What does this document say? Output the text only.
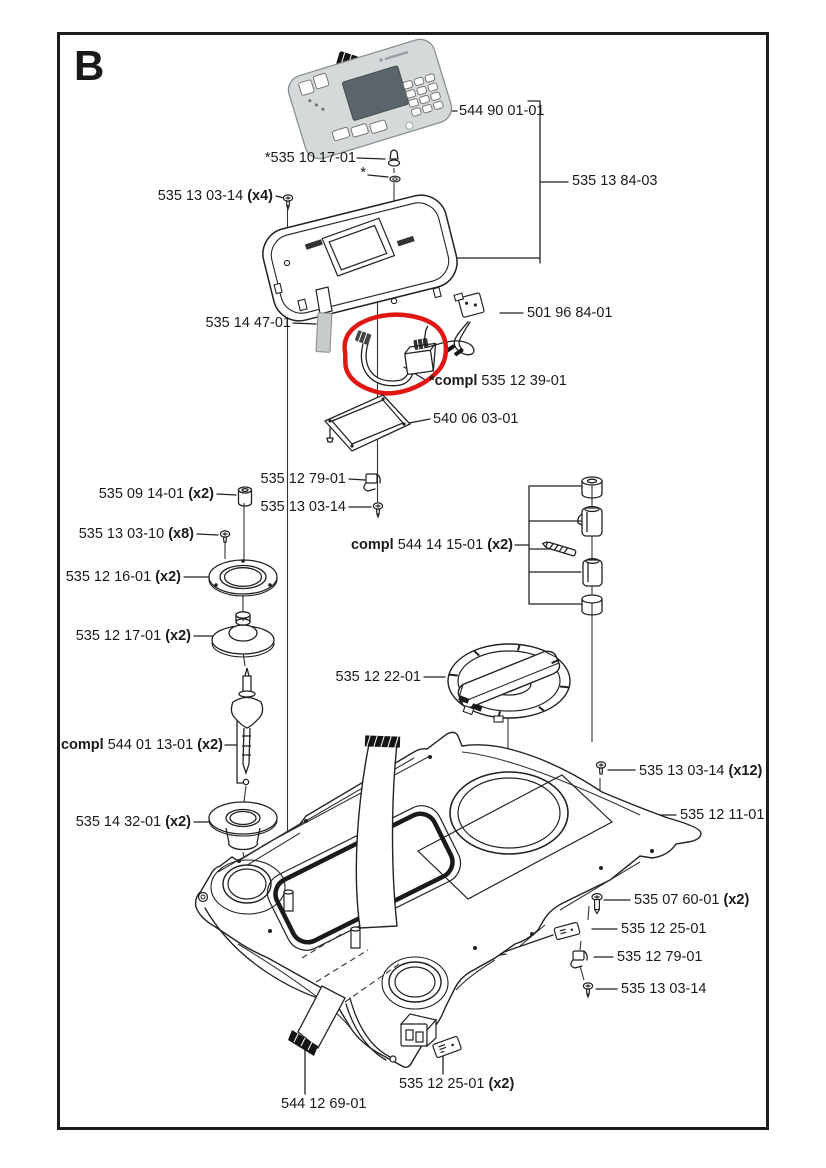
B
544 90 01-01
*535 10 17-01
*
535 13 03-14 (x4)
535 13 84-03
535 14 47-01
501 96 84-01
*compl 535 12 39-01
540 06 03-01
535 12 79-01
535 09 14-01 (x2)
535 13 03-14
535 13 03-10 (x8)
compl 544 14 15-01 (x2)
535 12 16-01 (x2)
535 12 17-01 (x2)
535 12 22-01
compl 544 01 13-01 (x2)
535 13 03-14 (x12)
535 12 11-01
535 14 32-01 (x2)
535 07 60-01 (x2)
535 12 25-01
535 12 79-01
535 13 03-14
535 12 25-01 (x2)
544 12 69-01
